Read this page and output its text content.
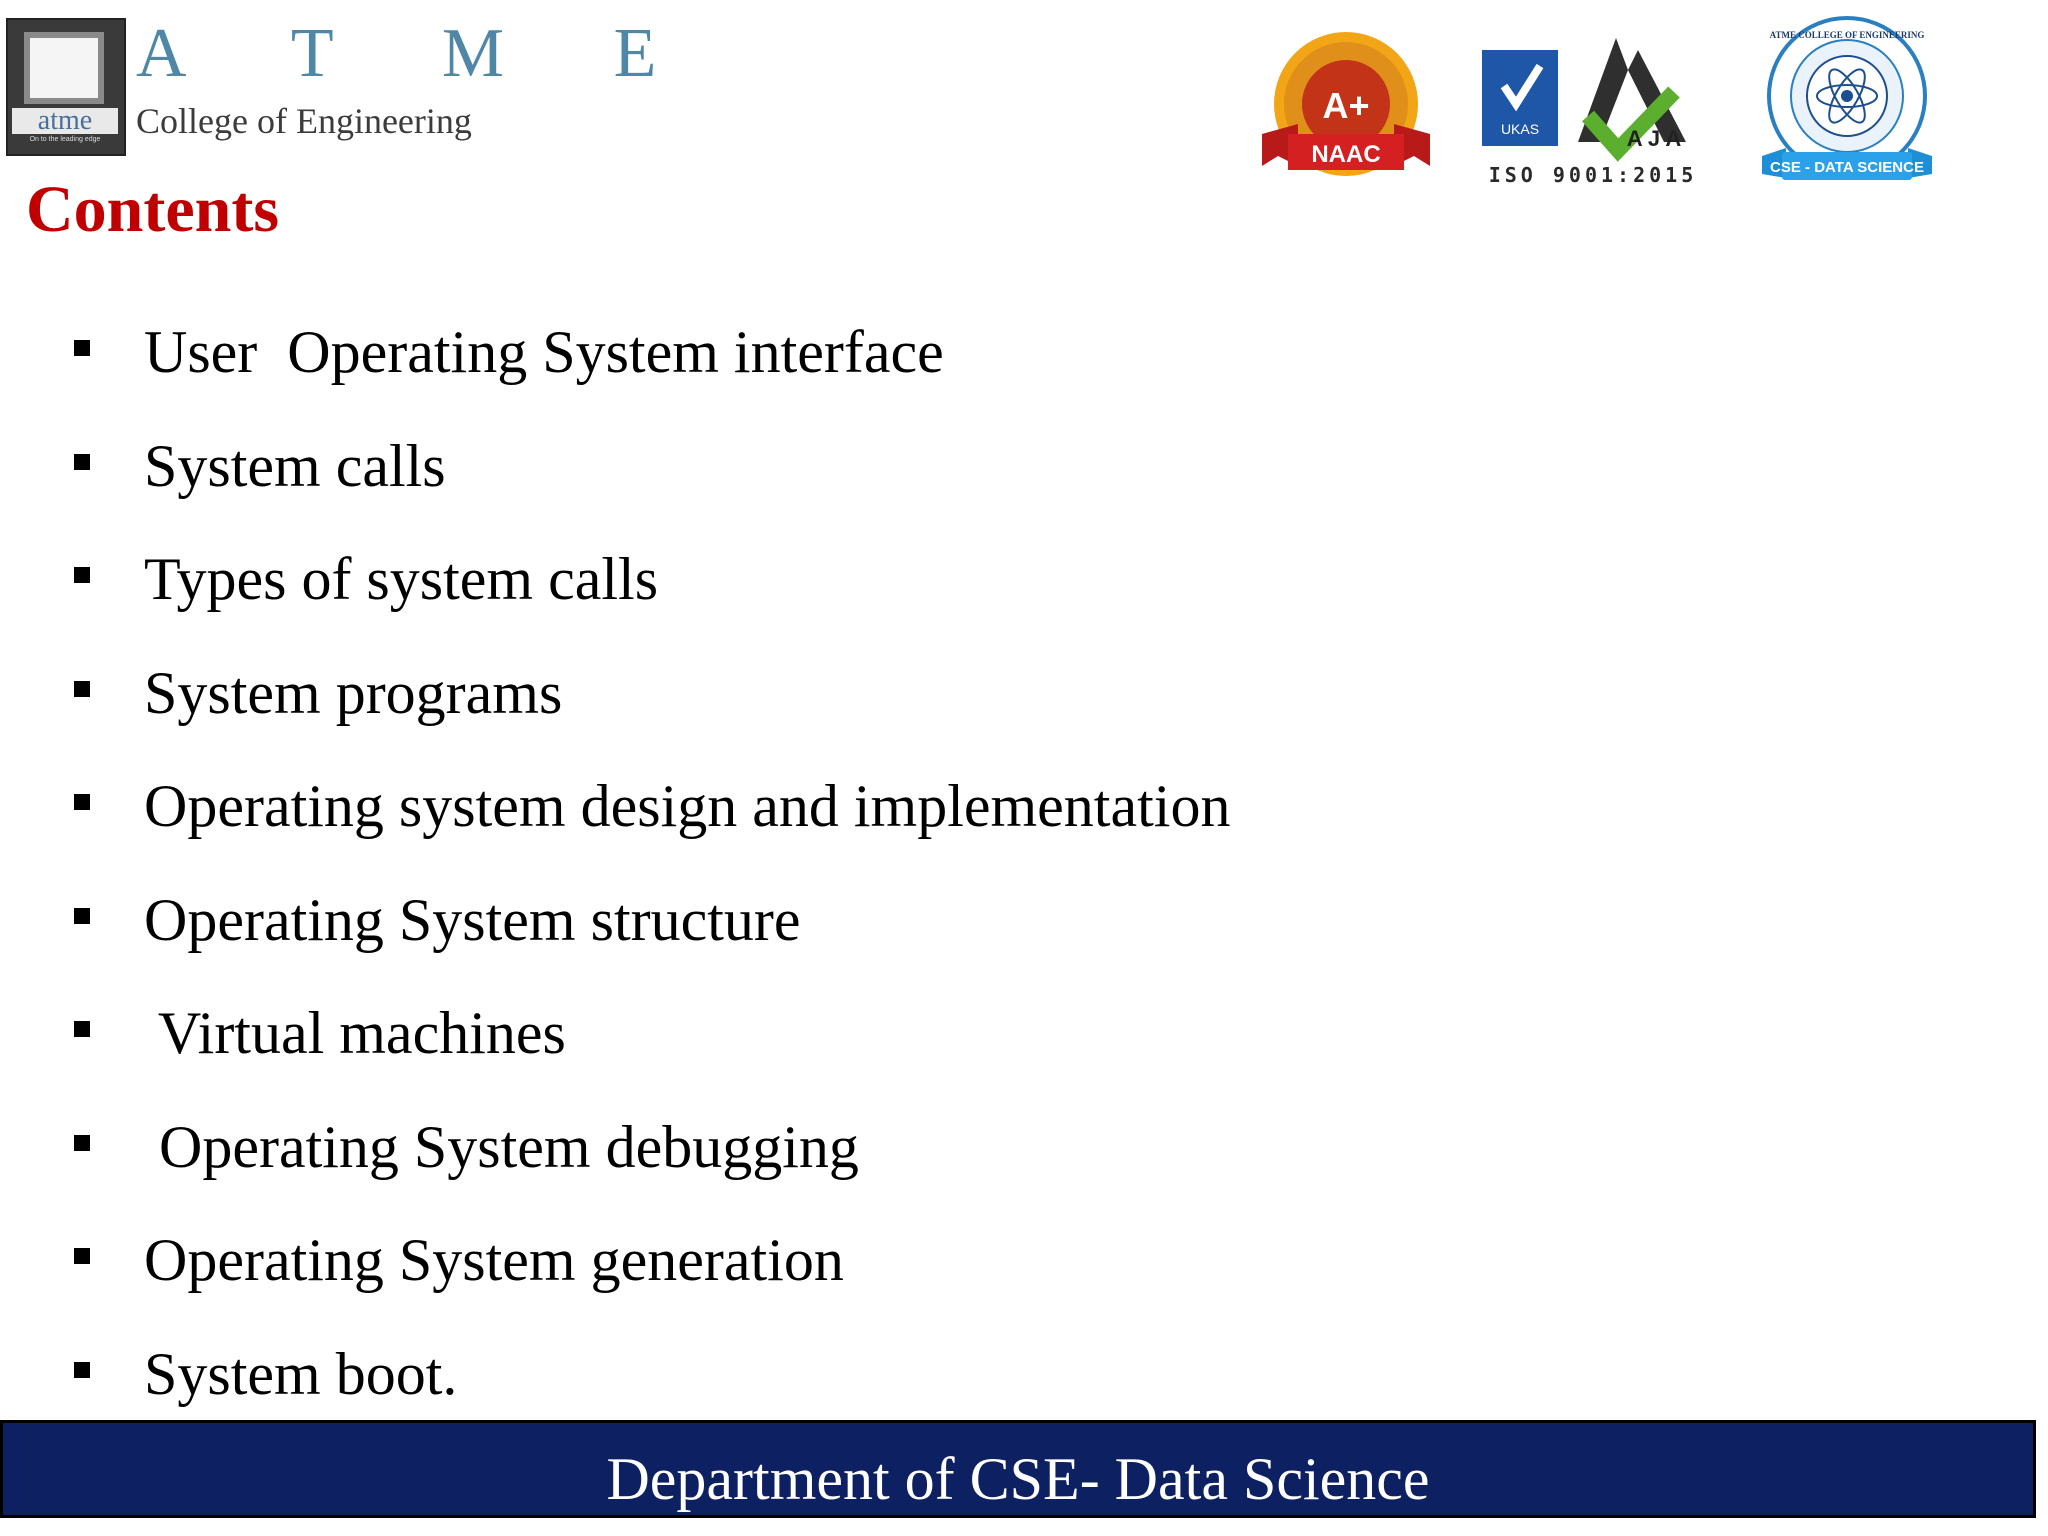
atme
On to the leading edge
A T M E
College of Engineering	A+
NAAC
UKAS	A J A
ISO 9001:2015
ATME COLLEGE OF ENGINEERING
CSE - DATA SCIENCE
Contents
User  Operating System interface
System calls
Types of system calls
System programs
Operating system design and implementation
Operating System structure
Virtual machines
Operating System debugging
Operating System generation
System boot.
Department of CSE- Data Science
